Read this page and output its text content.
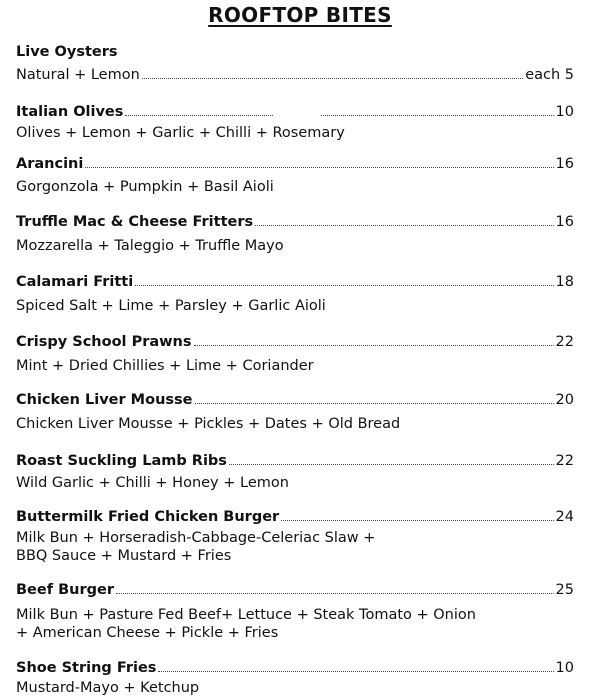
ROOFTOP BITES
Live Oysters
Natural + Lemon	each 5
Italian Olives	10
Olives + Lemon + Garlic + Chilli + Rosemary
Arancini	16
Gorgonzola + Pumpkin + Basil Aioli
Truffle Mac & Cheese Fritters	16
Mozzarella + Taleggio + Truffle Mayo
Calamari Fritti	18
Spiced Salt + Lime + Parsley + Garlic Aioli
Crispy School Prawns	22
Mint + Dried Chillies + Lime + Coriander
Chicken Liver Mousse	20
Chicken Liver Mousse + Pickles + Dates + Old Bread
Roast Suckling Lamb Ribs	22
Wild Garlic + Chilli + Honey + Lemon
Buttermilk Fried Chicken Burger	24
Milk Bun + Horseradish-Cabbage-Celeriac Slaw +
BBQ Sauce + Mustard + Fries
Beef Burger	25
Milk Bun + Pasture Fed Beef+ Lettuce + Steak Tomato + Onion
+ American Cheese + Pickle + Fries
Shoe String Fries	10
Mustard-Mayo + Ketchup
